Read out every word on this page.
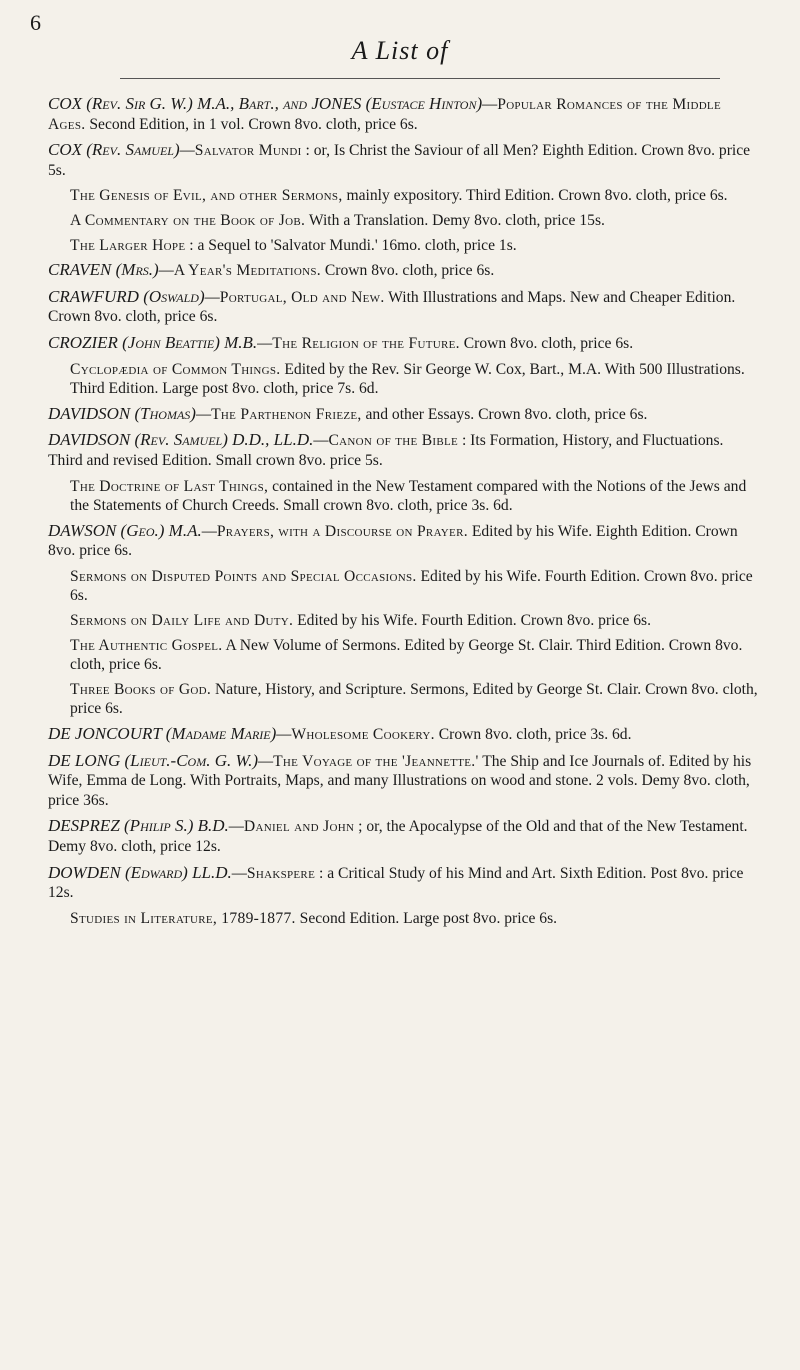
6
A List of

COX (Rev. Sir G. W.) M.A., Bart., and JONES (Eustace Hinton)—Popular Romances of the Middle Ages. Second Edition, in 1 vol. Crown 8vo. cloth, price 6s.

COX (Rev. Samuel)—Salvator Mundi : or, Is Christ the Saviour of all Men? Eighth Edition. Crown 8vo. price 5s.

The Genesis of Evil, and other Sermons, mainly expository. Third Edition. Crown 8vo. cloth, price 6s.

A Commentary on the Book of Job. With a Translation. Demy 8vo. cloth, price 15s.

The Larger Hope : a Sequel to 'Salvator Mundi.' 16mo. cloth, price 1s.

CRAVEN (Mrs.)—A Year's Meditations. Crown 8vo. cloth, price 6s.

CRAWFURD (Oswald)—Portugal, Old and New. With Illustrations and Maps. New and Cheaper Edition. Crown 8vo. cloth, price 6s.

CROZIER (John Beattie) M.B.—The Religion of the Future. Crown 8vo. cloth, price 6s.

Cyclopædia of Common Things. Edited by the Rev. Sir George W. Cox, Bart., M.A. With 500 Illustrations. Third Edition. Large post 8vo. cloth, price 7s. 6d.

DAVIDSON (Thomas)—The Parthenon Frieze, and other Essays. Crown 8vo. cloth, price 6s.

DAVIDSON (Rev. Samuel) D.D., LL.D.—Canon of the Bible : Its Formation, History, and Fluctuations. Third and revised Edition. Small crown 8vo. price 5s.

The Doctrine of Last Things, contained in the New Testament compared with the Notions of the Jews and the Statements of Church Creeds. Small crown 8vo. cloth, price 3s. 6d.

DAWSON (Geo.) M.A.—Prayers, with a Discourse on Prayer. Edited by his Wife. Eighth Edition. Crown 8vo. price 6s.

Sermons on Disputed Points and Special Occasions. Edited by his Wife. Fourth Edition. Crown 8vo. price 6s.

Sermons on Daily Life and Duty. Edited by his Wife. Fourth Edition. Crown 8vo. price 6s.

The Authentic Gospel. A New Volume of Sermons. Edited by George St. Clair. Third Edition. Crown 8vo. cloth, price 6s.

Three Books of God. Nature, History, and Scripture. Sermons, Edited by George St. Clair. Crown 8vo. cloth, price 6s.

DE JONCOURT (Madame Marie)—Wholesome Cookery. Crown 8vo. cloth, price 3s. 6d.

DE LONG (Lieut.-Com. G. W.)—The Voyage of the 'Jeannette.' The Ship and Ice Journals of. Edited by his Wife, Emma de Long. With Portraits, Maps, and many Illustrations on wood and stone. 2 vols. Demy 8vo. cloth, price 36s.

DESPREZ (Philip S.) B.D.—Daniel and John ; or, the Apocalypse of the Old and that of the New Testament. Demy 8vo. cloth, price 12s.

DOWDEN (Edward) LL.D.—Shakspere : a Critical Study of his Mind and Art. Sixth Edition. Post 8vo. price 12s.

Studies in Literature, 1789-1877. Second Edition. Large post 8vo. price 6s.
